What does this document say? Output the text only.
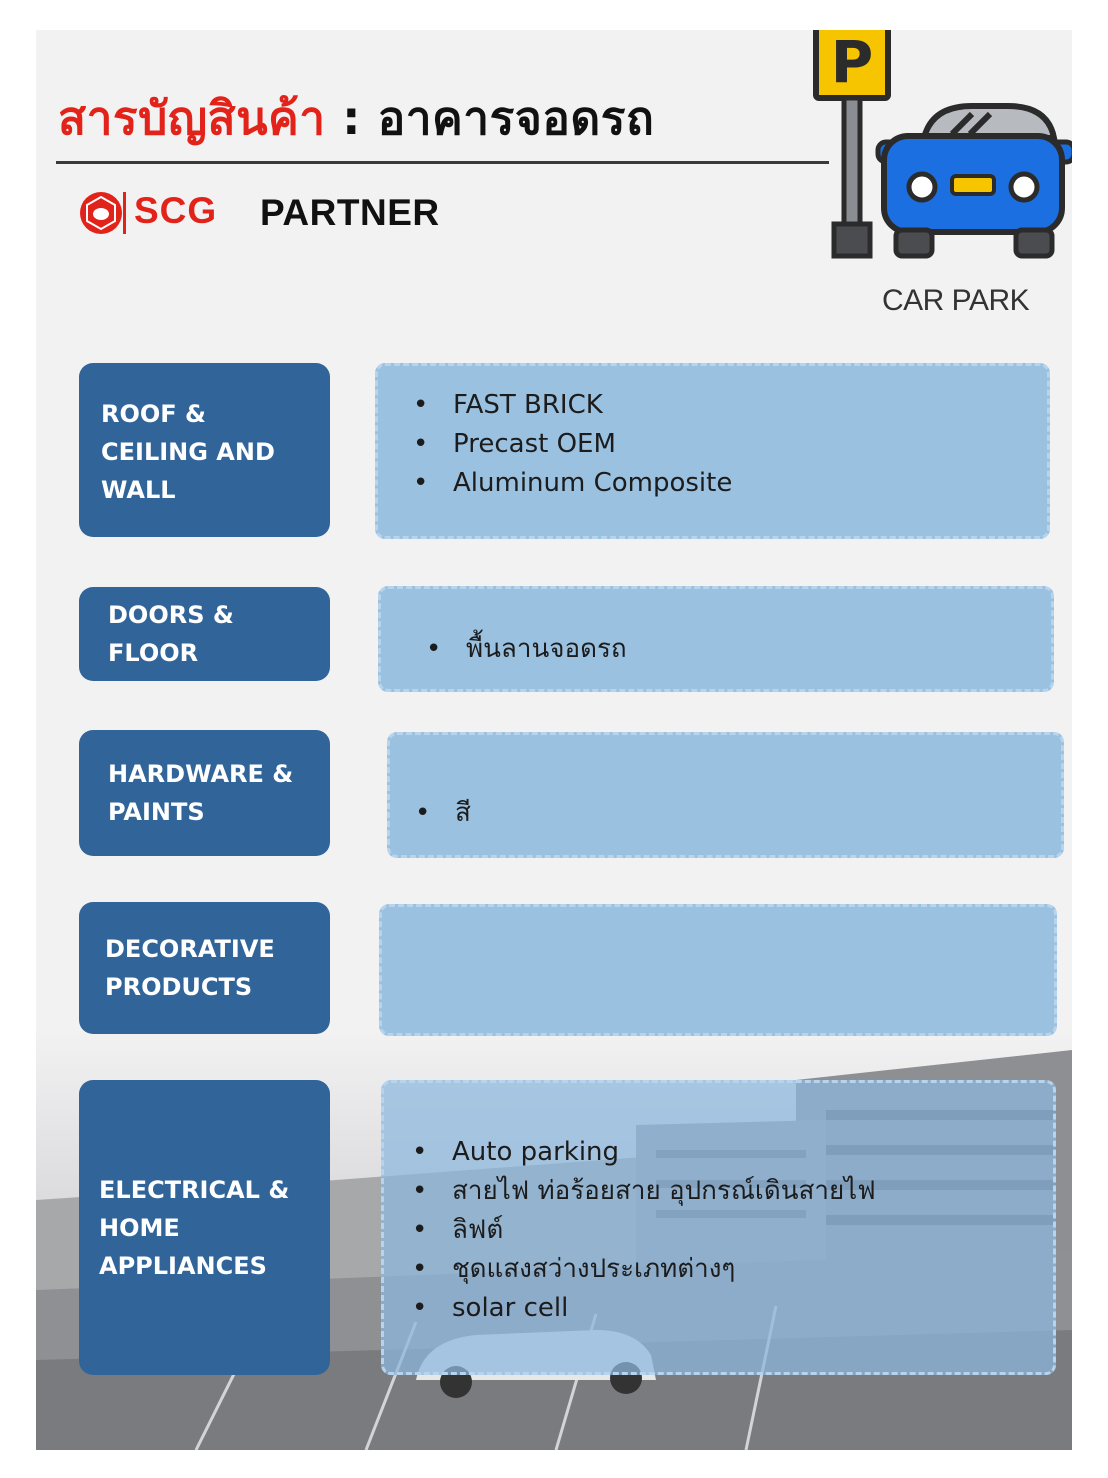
สารบัญสินค้า : อาคารจอดรถ
SCG PARTNER
P
CAR PARK
ROOF &
CEILING AND
WALL
• FAST BRICK
• Precast OEM
• Aluminum Composite
DOORS &
FLOOR	• พื้นลานจอดรถ
HARDWARE &
PAINTS	• สี
DECORATIVE
PRODUCTS
ELECTRICAL &
HOME
APPLIANCES
• Auto parking
• สายไฟ ท่อร้อยสาย อุปกรณ์เดินสายไฟ
• ลิฟต์
• ชุดแสงสว่างประเภทต่างๆ
• solar cell
